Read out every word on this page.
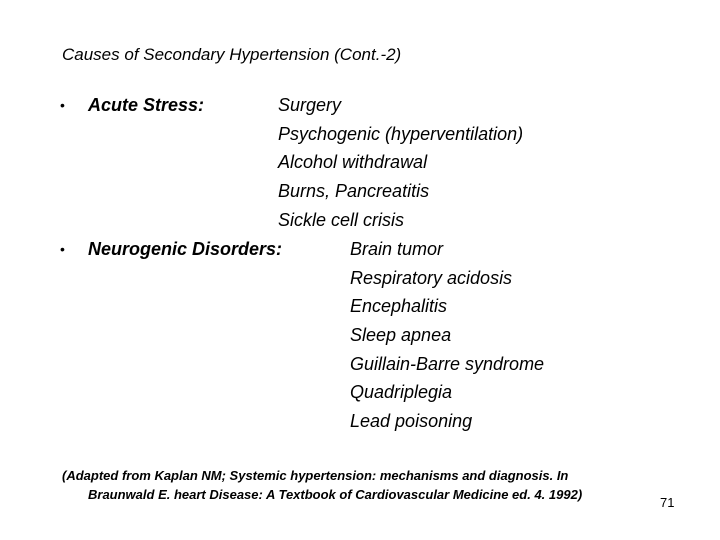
Causes of Secondary Hypertension (Cont.-2)
• Acute Stress:	Surgery
Psychogenic (hyperventilation)
Alcohol withdrawal
Burns, Pancreatitis
Sickle cell crisis
• Neurogenic Disorders:	Brain tumor
Respiratory acidosis
Encephalitis
Sleep apnea
Guillain-Barre syndrome
Quadriplegia
Lead poisoning
(Adapted from Kaplan NM; Systemic hypertension: mechanisms and diagnosis. In
Braunwald E. heart Disease: A Textbook of Cardiovascular Medicine ed. 4. 1992)
71
